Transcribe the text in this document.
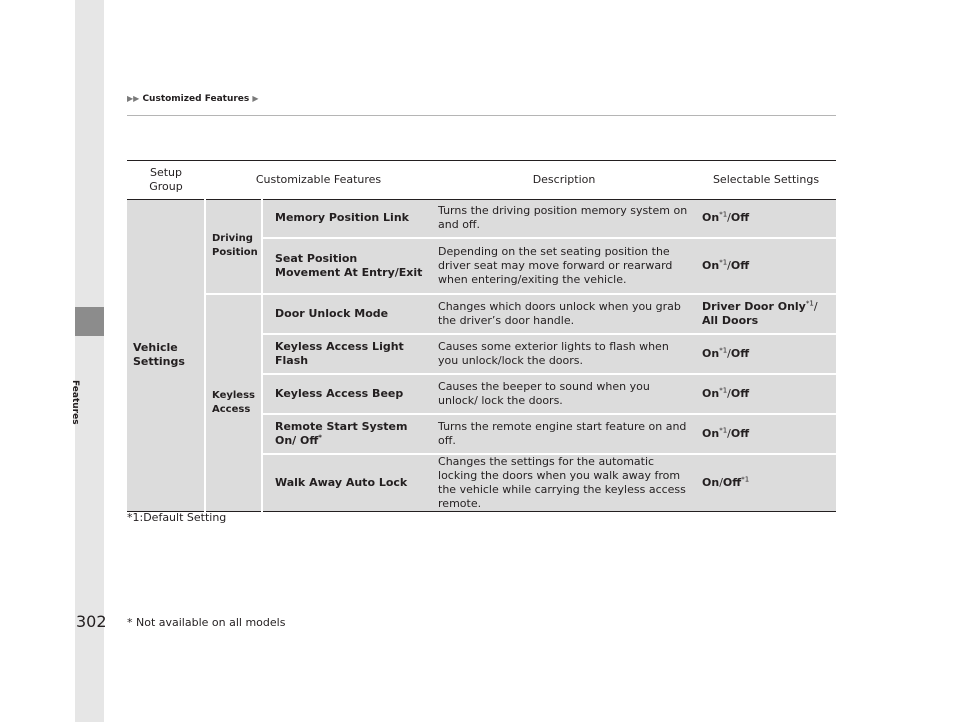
Features
▶▶ Customized Features ▶
Setup Group	Customizable Features		Description	Selectable Settings
Vehicle Settings	Driving Position	Memory Position Link	Turns the driving position memory system on and off.	On$^{*1}$/Off
		Seat Position Movement At Entry/Exit	Depending on the set seating position the driver seat may move forward or rearward when entering/exiting the vehicle.	On$^{*1}$/Off
	Keyless Access	Door Unlock Mode	Changes which doors unlock when you grab the driver’s door handle.	Driver Door Only$^{*1}$/
All Doors
		Keyless Access Light Flash	Causes some exterior lights to flash when you unlock/lock the doors.	On$^{*1}$/Off
		Keyless Access Beep	Causes the beeper to sound when you unlock/ lock the doors.	On$^{*1}$/Off
		Remote Start System On/ Off*	Turns the remote engine start feature on and off.	On$^{*1}$/Off
		Walk Away Auto Lock	Changes the settings for the automatic locking the doors when you walk away from the vehicle while carrying the keyless access remote.	On/Off$^{*1}$
*1:Default Setting
302 * Not available on all models
